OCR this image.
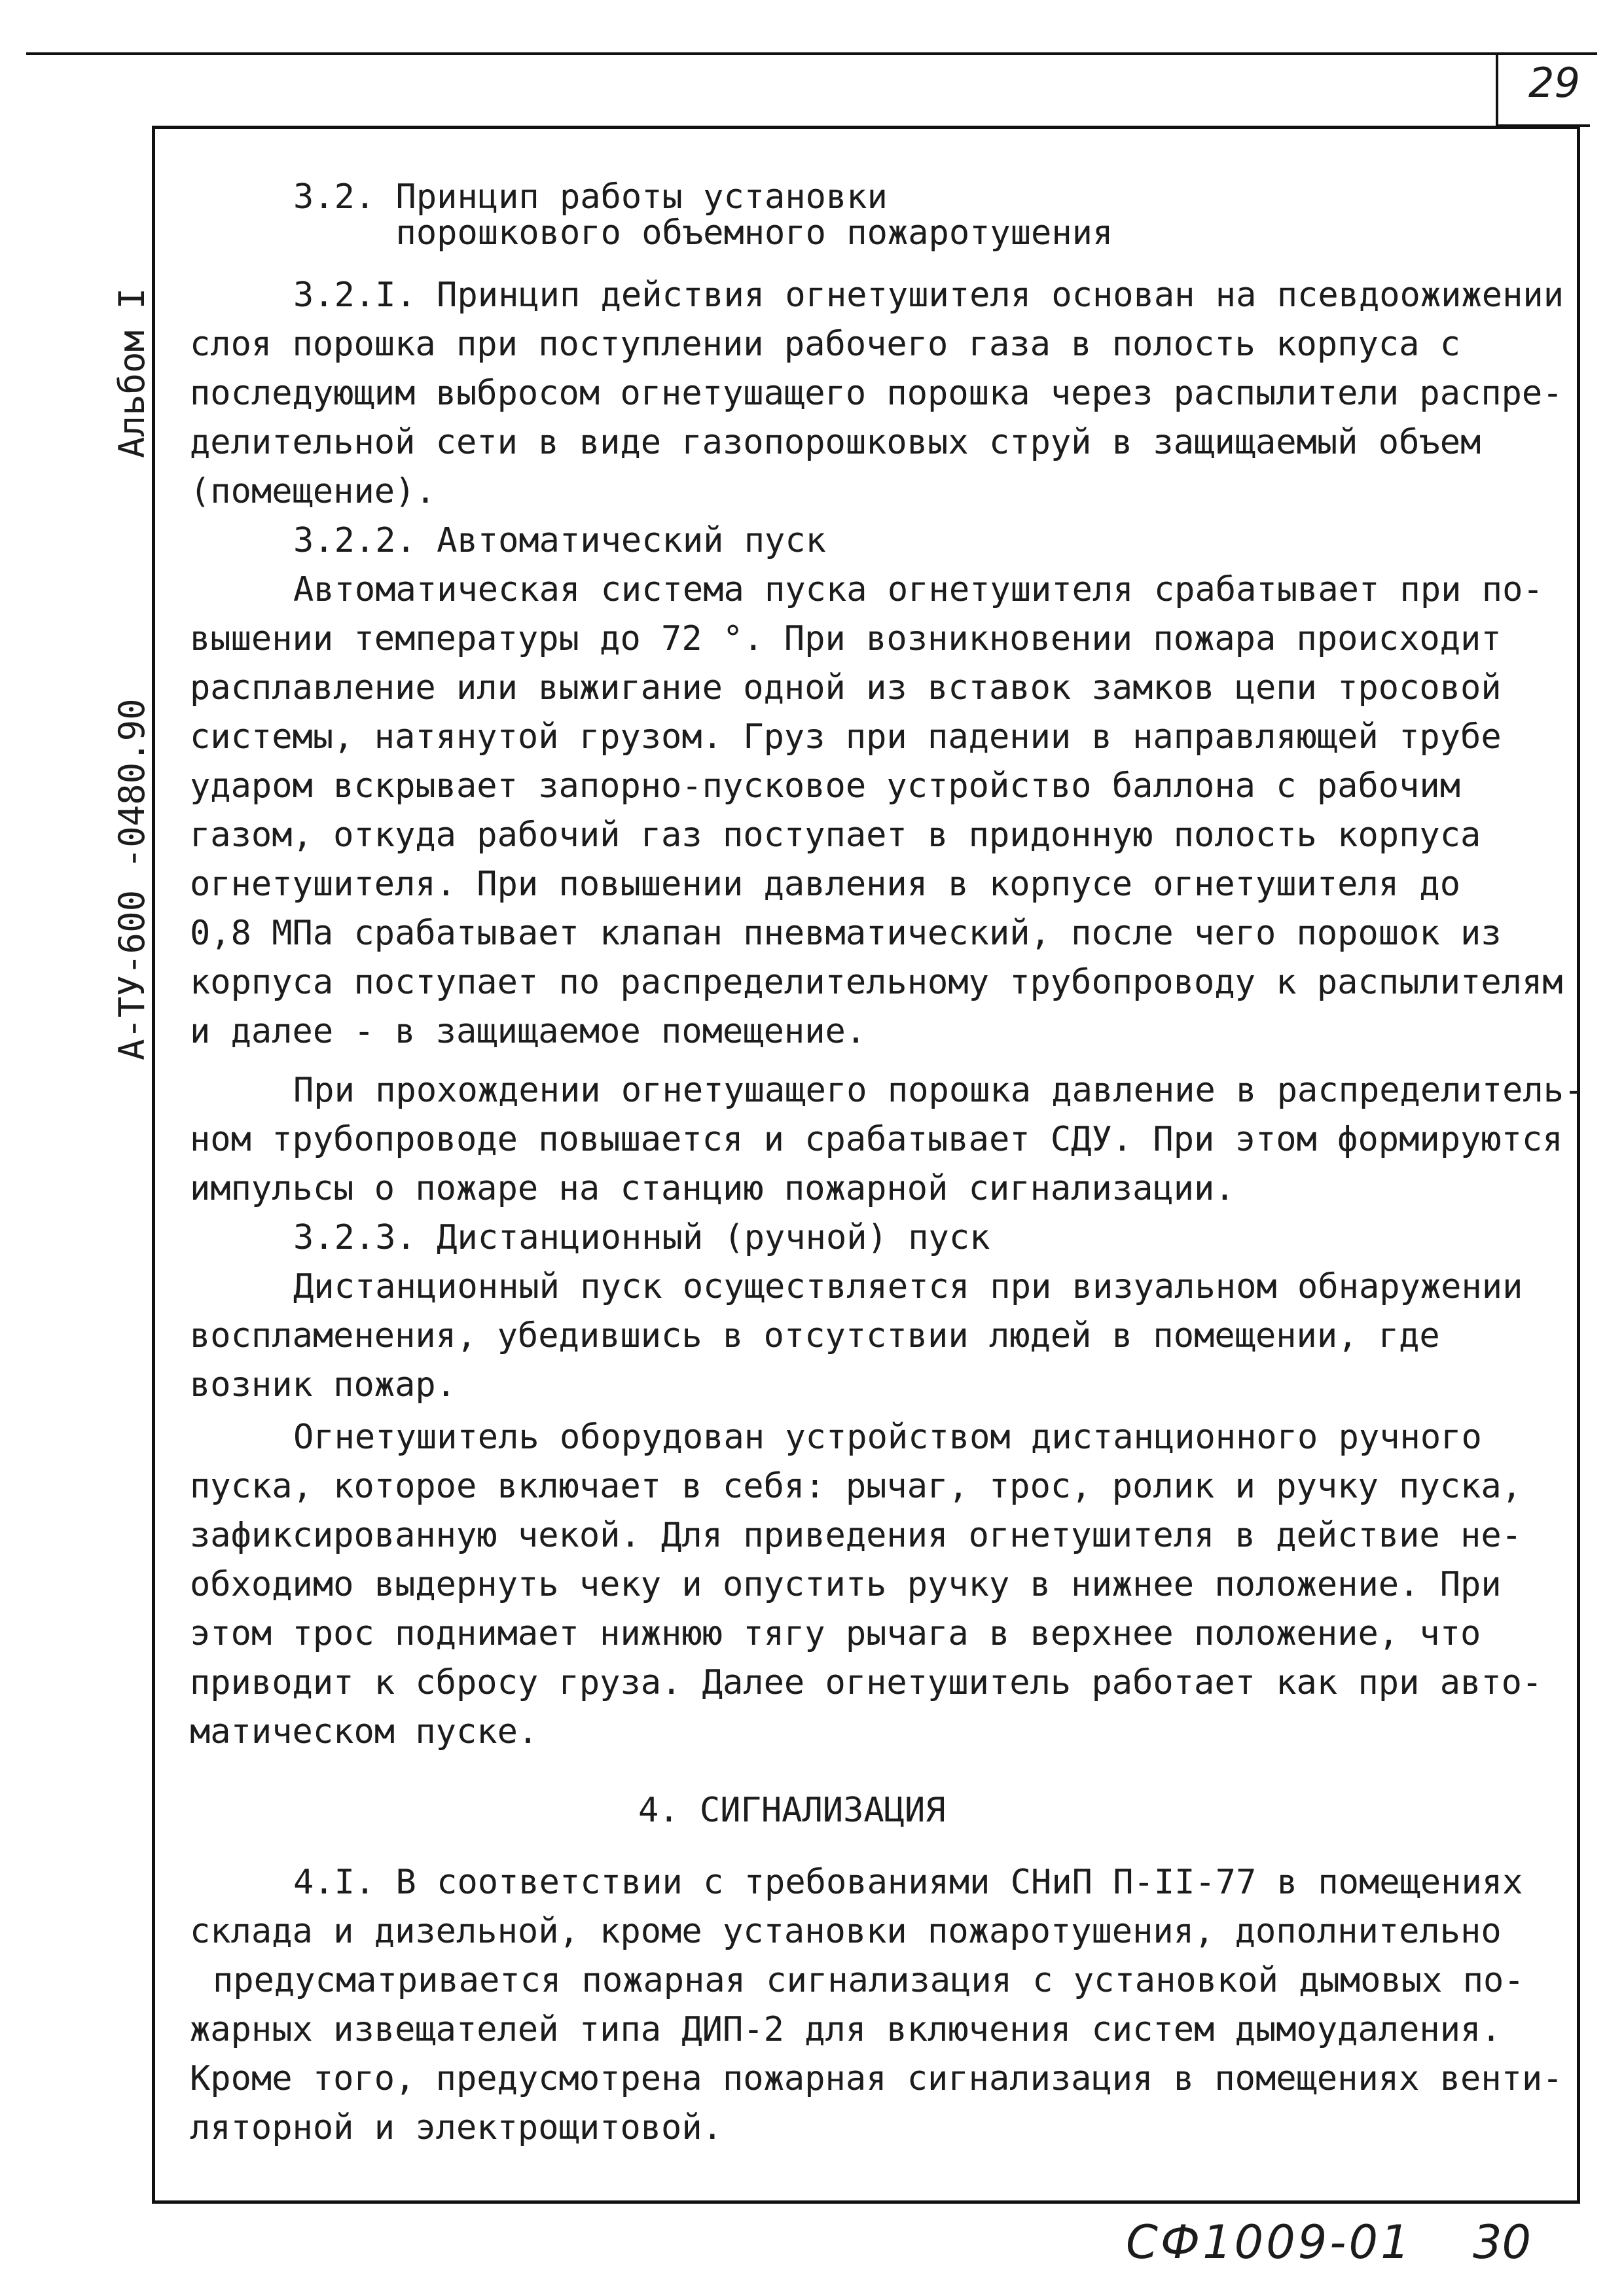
29
Альбом I
А-ТУ-600 -0480.90
3.2. Принцип работы установки
порошкового объемного пожаротушения
3.2.I. Принцип действия огнетушителя основан на псевдоожижении
слоя порошка при поступлении рабочего газа в полость корпуса с
последующим выбросом огнетушащего порошка через распылители распре-
делительной сети в виде газопорошковых струй в защищаемый объем
(помещение).
3.2.2. Автоматический пуск
Автоматическая система пуска огнетушителя срабатывает при по-
вышении температуры до 72 °. При возникновении пожара происходит
расплавление или выжигание одной из вставок замков цепи тросовой
системы, натянутой грузом. Груз при падении в направляющей трубе
ударом вскрывает запорно-пусковое устройство баллона с рабочим
газом, откуда рабочий газ поступает в придонную полость корпуса
огнетушителя. При повышении давления в корпусе огнетушителя до
0,8 МПа срабатывает клапан пневматический, после чего порошок из
корпуса поступает по распределительному трубопроводу к распылителям
и далее - в защищаемое помещение.
При прохождении огнетушащего порошка давление в распределитель-
ном трубопроводе повышается и срабатывает СДУ. При этом формируются
импульсы о пожаре на станцию пожарной сигнализации.
3.2.3. Дистанционный (ручной) пуск
Дистанционный пуск осуществляется при визуальном обнаружении
воспламенения, убедившись в отсутствии людей в помещении, где
возник пожар.
Огнетушитель оборудован устройством дистанционного ручного
пуска, которое включает в себя: рычаг, трос, ролик и ручку пуска,
зафиксированную чекой. Для приведения огнетушителя в действие не-
обходимо выдернуть чеку и опустить ручку в нижнее положение. При
этом трос поднимает нижнюю тягу рычага в верхнее положение, что
приводит к сбросу груза. Далее огнетушитель работает как при авто-
матическом пуске.
4. СИГНАЛИЗАЦИЯ
4.I. В соответствии с требованиями СНиП П-II-77 в помещениях
склада и дизельной, кроме установки пожаротушения, дополнительно
предусматривается пожарная сигнализация с установкой дымовых по-
жарных извещателей типа ДИП-2 для включения систем дымоудаления.
Кроме того, предусмотрена пожарная сигнализация в помещениях венти-
ляторной и электрощитовой.
СФ1009-01 30
